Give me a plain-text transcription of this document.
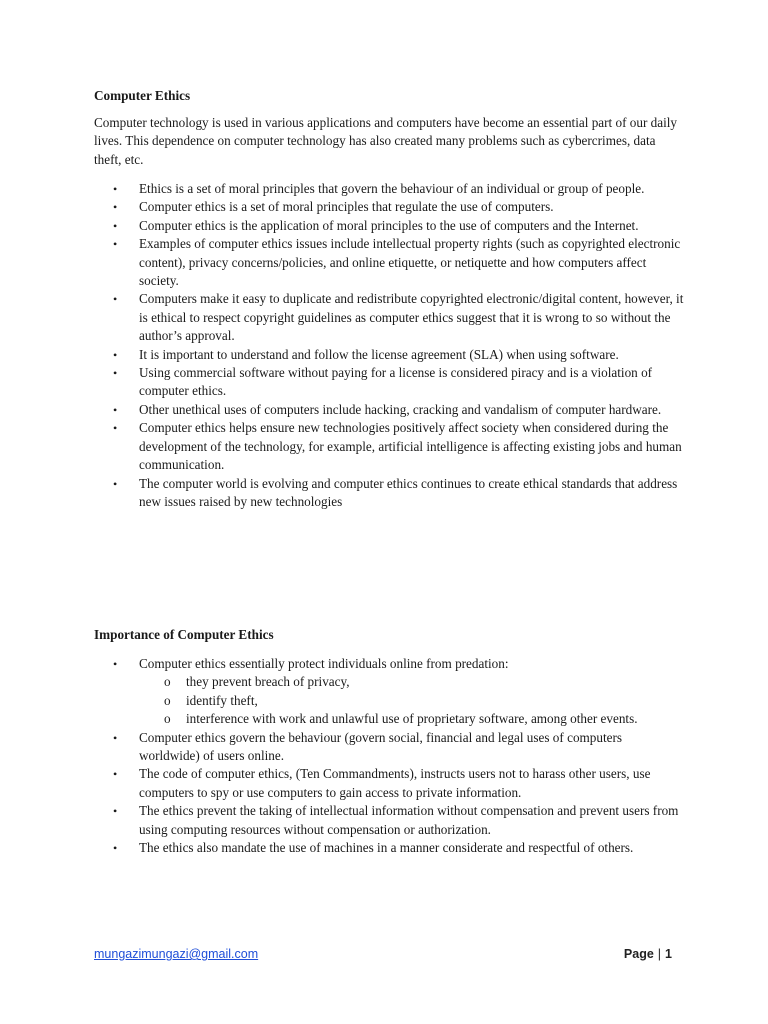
Computer Ethics

Computer technology is used in various applications and computers have become an essential part of our daily lives. This dependence on computer technology has also created many problems such as cybercrimes, data theft, etc.

• Ethics is a set of moral principles that govern the behaviour of an individual or group of people.
• Computer ethics is a set of moral principles that regulate the use of computers.
• Computer ethics is the application of moral principles to the use of computers and the Internet.
• Examples of computer ethics issues include intellectual property rights (such as copyrighted electronic content), privacy concerns/policies, and online etiquette, or netiquette and how computers affect society.
• Computers make it easy to duplicate and redistribute copyrighted electronic/digital content, however, it is ethical to respect copyright guidelines as computer ethics suggest that it is wrong to so without the author’s approval.
• It is important to understand and follow the license agreement (SLA) when using software.
• Using commercial software without paying for a license is considered piracy and is a violation of computer ethics.
• Other unethical uses of computers include hacking, cracking and vandalism of computer hardware.
• Computer ethics helps ensure new technologies positively affect society when considered during the development of the technology, for example, artificial intelligence is affecting existing jobs and human communication.
• The computer world is evolving and computer ethics continues to create ethical standards that address new issues raised by new technologies
Importance of Computer Ethics
• Computer ethics essentially protect individuals online from predation:
o they prevent breach of privacy,
o identify theft,
o interference with work and unlawful use of proprietary software, among other events.
• Computer ethics govern the behaviour (govern social, financial and legal uses of computers worldwide) of users online.
• The code of computer ethics, (Ten Commandments), instructs users not to harass other users, use computers to spy or use computers to gain access to private information.
• The ethics prevent the taking of intellectual information without compensation and prevent users from using computing resources without compensation or authorization.
• The ethics also mandate the use of machines in a manner considerate and respectful of others.
mungazimungazi@gmail.com	Page | 1
